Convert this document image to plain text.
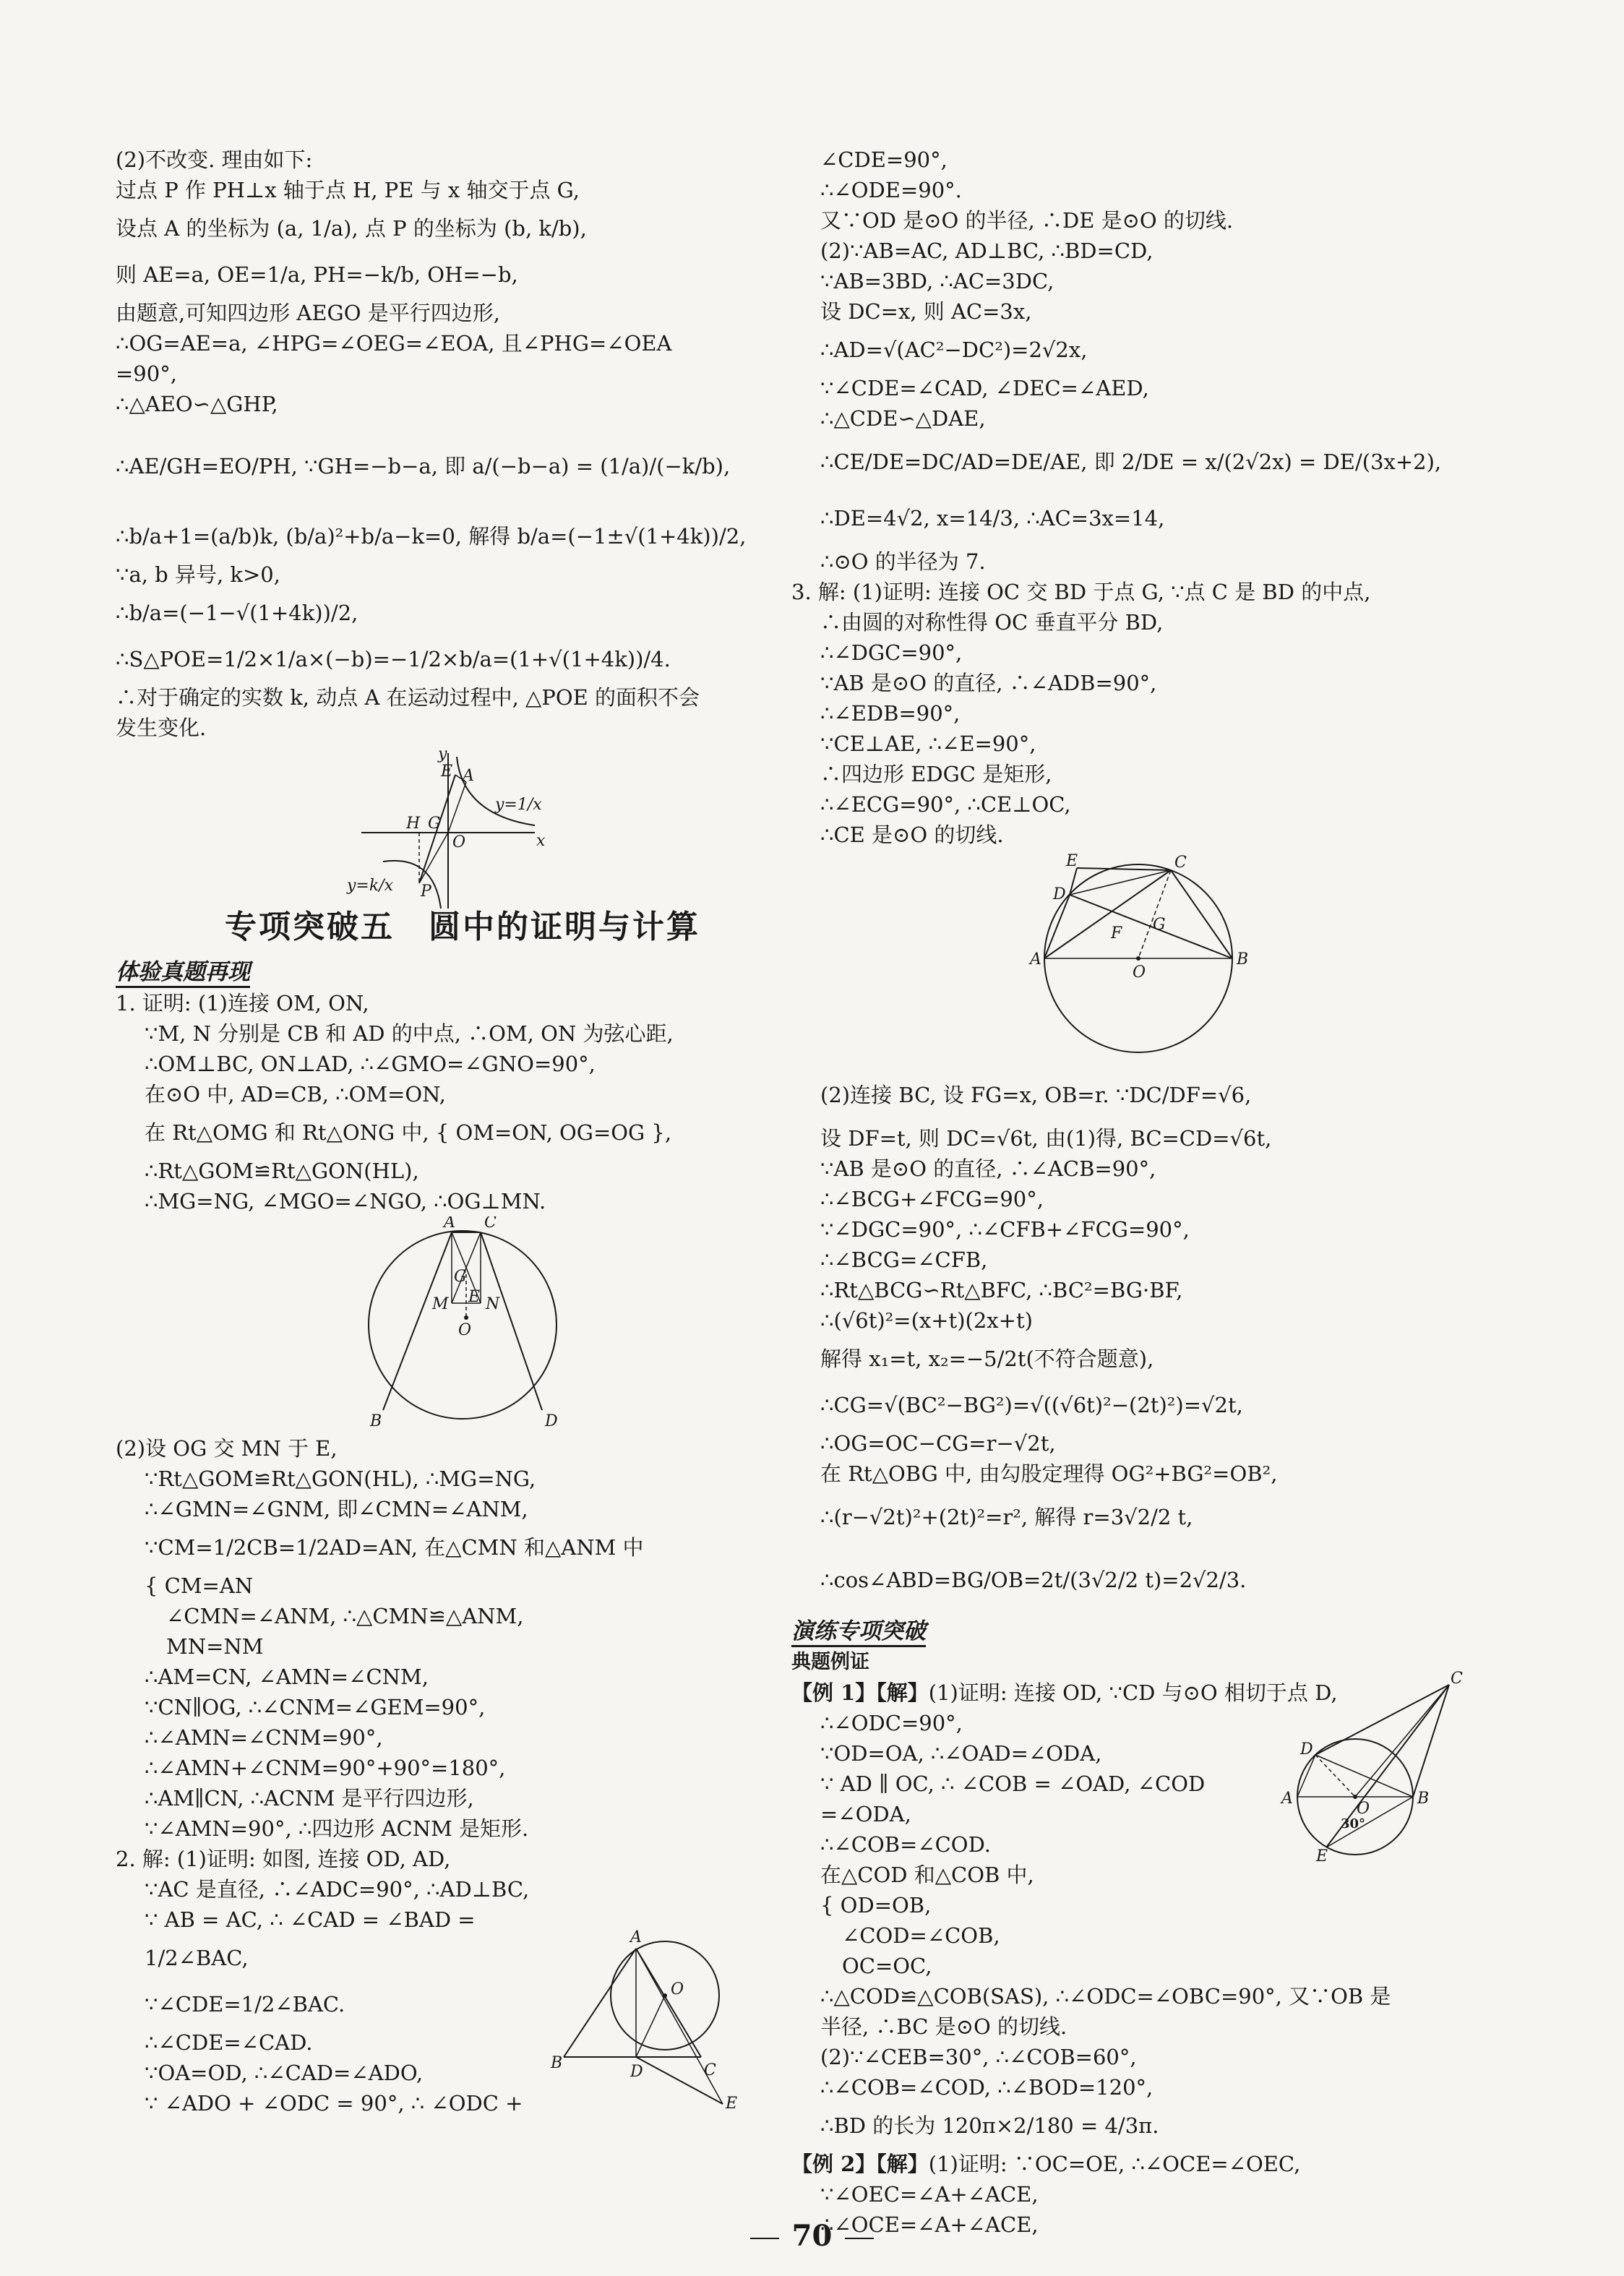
(2)不改变. 理由如下:
过点 P 作 PH⊥x 轴于点 H, PE 与 x 轴交于点 G,
设点 A 的坐标为 (a, 1/a), 点 P 的坐标为 (b, k/b),
则 AE=a, OE=1/a, PH=−k/b, OH=−b,
由题意,可知四边形 AEGO 是平行四边形,
∴OG=AE=a, ∠HPG=∠OEG=∠EOA, 且∠PHG=∠OEA
=90°,
∴△AEO∽△GHP,
∴AE/GH=EO/PH, ∵GH=−b−a, 即 a/(−b−a) = (1/a)/(−k/b),
∴b/a+1=(a/b)k, (b/a)²+b/a−k=0, 解得 b/a=(−1±√(1+4k))/2,
∵a, b 异号, k>0,
∴b/a=(−1−√(1+4k))/2,
∴S△POE=1/2×1/a×(−b)=−1/2×b/a=(1+√(1+4k))/4.
∴对于确定的实数 k, 动点 A 在运动过程中, △POE 的面积不会
发生变化.
y
x
E A
H G
O
P
y=1/x
y=k/x
专项突破五　圆中的证明与计算
体验真题再现
1. 证明: (1)连接 OM, ON,
∵M, N 分别是 CB 和 AD 的中点, ∴OM, ON 为弦心距,
∴OM⊥BC, ON⊥AD, ∴∠GMO=∠GNO=90°,
在⊙O 中, AD=CB, ∴OM=ON,
在 Rt△OMG 和 Rt△ONG 中, { OM=ON, OG=OG },
∴Rt△GOM≌Rt△GON(HL),
∴MG=NG, ∠MGO=∠NGO, ∴OG⊥MN.
A C
G
M E N
O
B	D
(2)设 OG 交 MN 于 E,
∵Rt△GOM≌Rt△GON(HL), ∴MG=NG,
∴∠GMN=∠GNM, 即∠CMN=∠ANM,
∵CM=1/2CB=1/2AD=AN, 在△CMN 和△ANM 中
{ CM=AN
∠CMN=∠ANM, ∴△CMN≌△ANM,
MN=NM
∴AM=CN, ∠AMN=∠CNM,
∵CN∥OG, ∴∠CNM=∠GEM=90°,
∴∠AMN=∠CNM=90°,
∴∠AMN+∠CNM=90°+90°=180°,
∴AM∥CN, ∴ACNM 是平行四边形,
∵∠AMN=90°, ∴四边形 ACNM 是矩形.
2. 解: (1)证明: 如图, 连接 OD, AD,
∵AC 是直径, ∴∠ADC=90°, ∴AD⊥BC,
∵ AB = AC, ∴ ∠CAD = ∠BAD =
1/2∠BAC,
∵∠CDE=1/2∠BAC.
∴∠CDE=∠CAD.
∵OA=OD, ∴∠CAD=∠ADO,
∵ ∠ADO + ∠ODC = 90°, ∴ ∠ODC +
A
O
B	D	C
E
∠CDE=90°,
∴∠ODE=90°.
又∵OD 是⊙O 的半径, ∴DE 是⊙O 的切线.
(2)∵AB=AC, AD⊥BC, ∴BD=CD,
∵AB=3BD, ∴AC=3DC,
设 DC=x, 则 AC=3x,
∴AD=√(AC²−DC²)=2√2x,
∵∠CDE=∠CAD, ∠DEC=∠AED,
∴△CDE∽△DAE,
∴CE/DE=DC/AD=DE/AE, 即 2/DE = x/(2√2x) = DE/(3x+2),
∴DE=4√2, x=14/3, ∴AC=3x=14,
∴⊙O 的半径为 7.
3. 解: (1)证明: 连接 OC 交 BD 于点 G, ∵点 C 是 BD 的中点,
∴由圆的对称性得 OC 垂直平分 BD,
∴∠DGC=90°,
∵AB 是⊙O 的直径, ∴∠ADB=90°,
∴∠EDB=90°,
∵CE⊥AE, ∴∠E=90°,
∴四边形 EDGC 是矩形,
∴∠ECG=90°, ∴CE⊥OC,
∴CE 是⊙O 的切线.
E	C
D
F G
A
O
B
(2)连接 BC, 设 FG=x, OB=r. ∵DC/DF=√6,
设 DF=t, 则 DC=√6t, 由(1)得, BC=CD=√6t,
∵AB 是⊙O 的直径, ∴∠ACB=90°,
∴∠BCG+∠FCG=90°,
∵∠DGC=90°, ∴∠CFB+∠FCG=90°,
∴∠BCG=∠CFB,
∴Rt△BCG∽Rt△BFC, ∴BC²=BG·BF,
∴(√6t)²=(x+t)(2x+t)
解得 x₁=t, x₂=−5/2t(不符合题意),
∴CG=√(BC²−BG²)=√((√6t)²−(2t)²)=√2t,
∴OG=OC−CG=r−√2t,
在 Rt△OBG 中, 由勾股定理得 OG²+BG²=OB²,
∴(r−√2t)²+(2t)²=r², 解得 r=3√2/2 t,
∴cos∠ABD=BG/OB=2t/(3√2/2 t)=2√2/3.
演练专项突破
典题例证
【例 1】【解】(1)证明: 连接 OD, ∵CD 与⊙O 相切于点 D,
∴∠ODC=90°,
∵OD=OA, ∴∠OAD=∠ODA,
∵ AD ∥ OC, ∴ ∠COB = ∠OAD, ∠COD
=∠ODA,
∴∠COB=∠COD.
在△COD 和△COB 中,
{ OD=OB,
∠COD=∠COB,
OC=OC,
∴△COD≌△COB(SAS), ∴∠ODC=∠OBC=90°, 又∵OB 是
半径, ∴BC 是⊙O 的切线.
(2)∵∠CEB=30°, ∴∠COB=60°,
∴∠COB=∠COD, ∴∠BOD=120°,
∴BD 的长为 120π×2/180 = 4/3π.
C
D
A
O
B
E
30°
【例 2】【解】(1)证明: ∵OC=OE, ∴∠OCE=∠OEC,
∵∠OEC=∠A+∠ACE,
∴∠OCE=∠A+∠ACE,
70
